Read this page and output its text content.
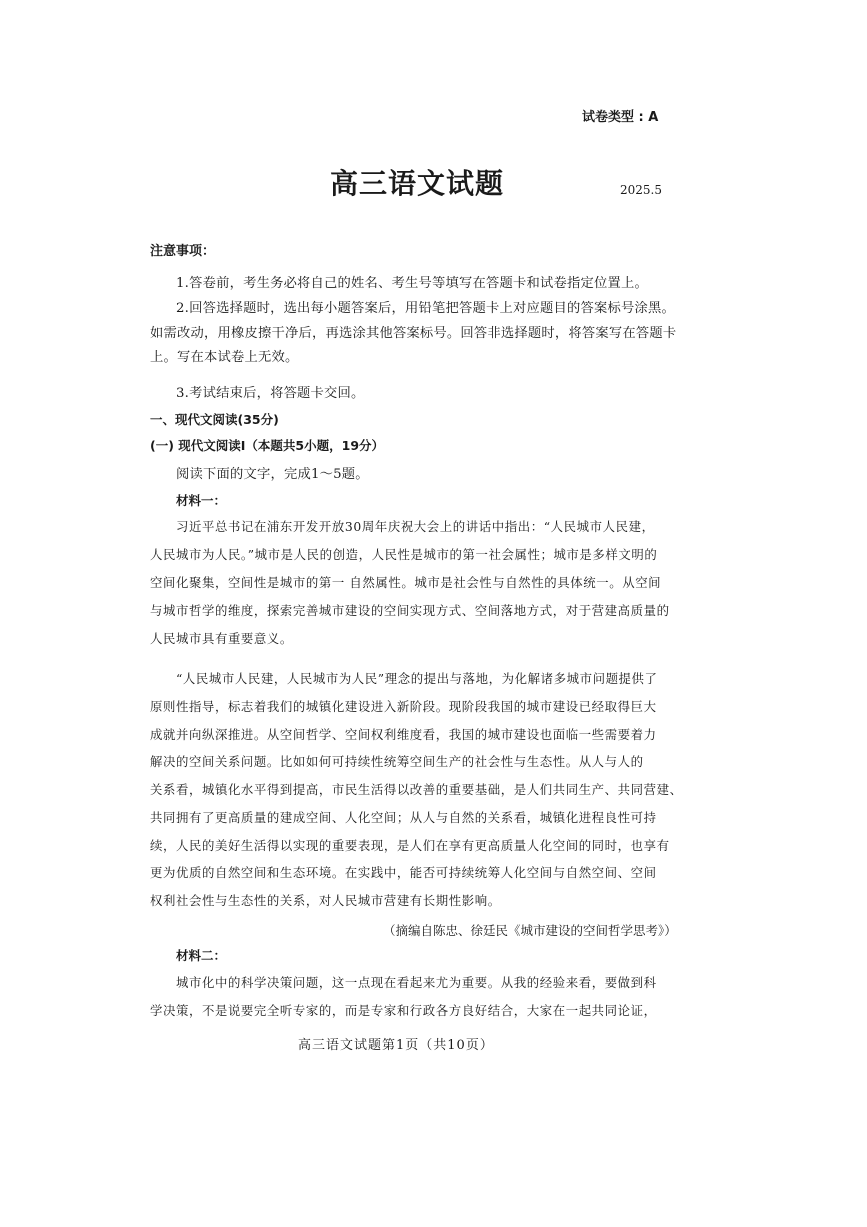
试卷类型 : A
高三语文试题	2025.5
注意事项：
1.答卷前，考生务必将自己的姓名、考生号等填写在答题卡和试卷指定位置上。
2.回答选择题时，选出每小题答案后，用铅笔把答题卡上对应题目的答案标号涂黑。
如需改动，用橡皮擦干净后，再选涂其他答案标号。回答非选择题时，将答案写在答题卡
上。写在本试卷上无效。
3.考试结束后，将答题卡交回。
一、现代文阅读(35分)
(一) 现代文阅读Ⅰ（本题共5小题，19分）
阅读下面的文字，完成1～5题。
材料一：
习近平总书记在浦东开发开放30周年庆祝大会上的讲话中指出：“人民城市人民建，
人民城市为人民。”城市是人民的创造，人民性是城市的第一社会属性；城市是多样文明的
空间化聚集，空间性是城市的第一 自然属性。城市是社会性与自然性的具体统一。从空间
与城市哲学的维度，探索完善城市建设的空间实现方式、空间落地方式，对于营建高质量的
人民城市具有重要意义。
“人民城市人民建，人民城市为人民”理念的提出与落地，为化解诸多城市问题提供了
原则性指导，标志着我们的城镇化建设进入新阶段。现阶段我国的城市建设已经取得巨大
成就并向纵深推进。从空间哲学、空间权利维度看，我国的城市建设也面临一些需要着力
解决的空间关系问题。比如如何可持续性统筹空间生产的社会性与生态性。从人与人的
关系看，城镇化水平得到提高，市民生活得以改善的重要基础，是人们共同生产、共同营建、
共同拥有了更高质量的建成空间、人化空间；从人与自然的关系看，城镇化进程良性可持
续，人民的美好生活得以实现的重要表现，是人们在享有更高质量人化空间的同时，也享有
更为优质的自然空间和生态环境。在实践中，能否可持续统筹人化空间与自然空间、空间
权利社会性与生态性的关系，对人民城市营建有长期性影响。
（摘编自陈忠、徐廷民《城市建设的空间哲学思考》）
材料二：
城市化中的科学决策问题，这一点现在看起来尤为重要。从我的经验来看，要做到科
学决策，不是说要完全听专家的，而是专家和行政各方良好结合，大家在一起共同论证，
高三语文试题第1页（共10页）
